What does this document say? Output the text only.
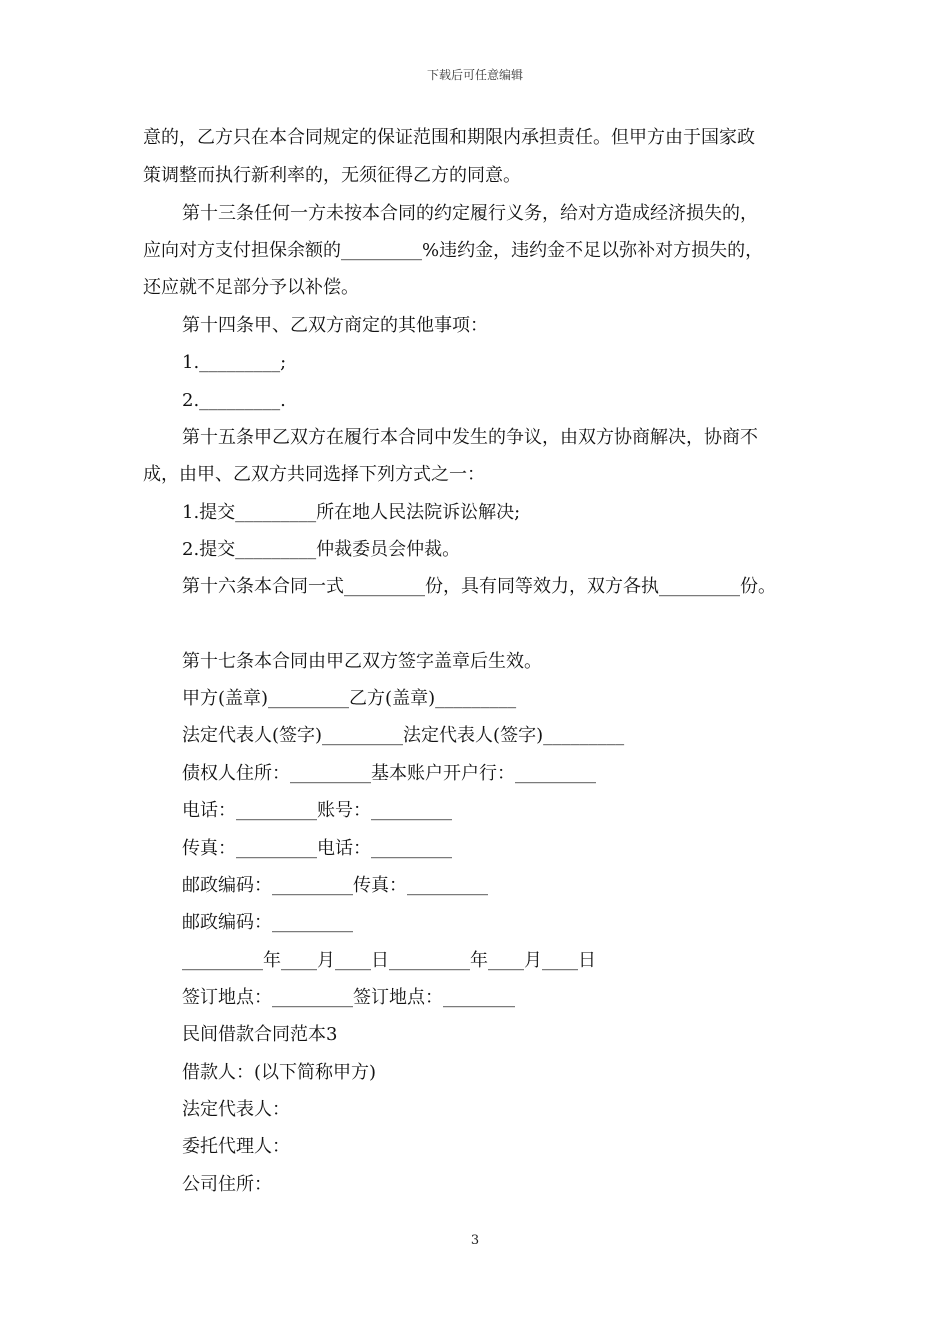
下载后可任意编辑
意的，乙方只在本合同规定的保证范围和期限内承担责任。但甲方由于国家政
策调整而执行新利率的，无须征得乙方的同意。
第十三条任何一方未按本合同的约定履行义务，给对方造成经济损失的，
应向对方支付担保余额的_________%违约金，违约金不足以弥补对方损失的，
还应就不足部分予以补偿。
第十四条甲、乙双方商定的其他事项：
1._________;
2._________.
第十五条甲乙双方在履行本合同中发生的争议，由双方协商解决，协商不
成，由甲、乙双方共同选择下列方式之一：
1.提交_________所在地人民法院诉讼解决;
2.提交_________仲裁委员会仲裁。
第十六条本合同一式_________份，具有同等效力，双方各执_________份。
第十七条本合同由甲乙双方签字盖章后生效。
甲方(盖章)_________乙方(盖章)_________
法定代表人(签字)_________法定代表人(签字)_________
债权人住所：_________基本账户开户行：_________
电话：_________账号：_________
传真：_________电话：_________
邮政编码：_________传真：_________
邮政编码：_________
_________年____月____日_________年____月____日
签订地点：_________签订地点：________
民间借款合同范本3
借款人：(以下简称甲方)
法定代表人：
委托代理人：
公司住所：
3
